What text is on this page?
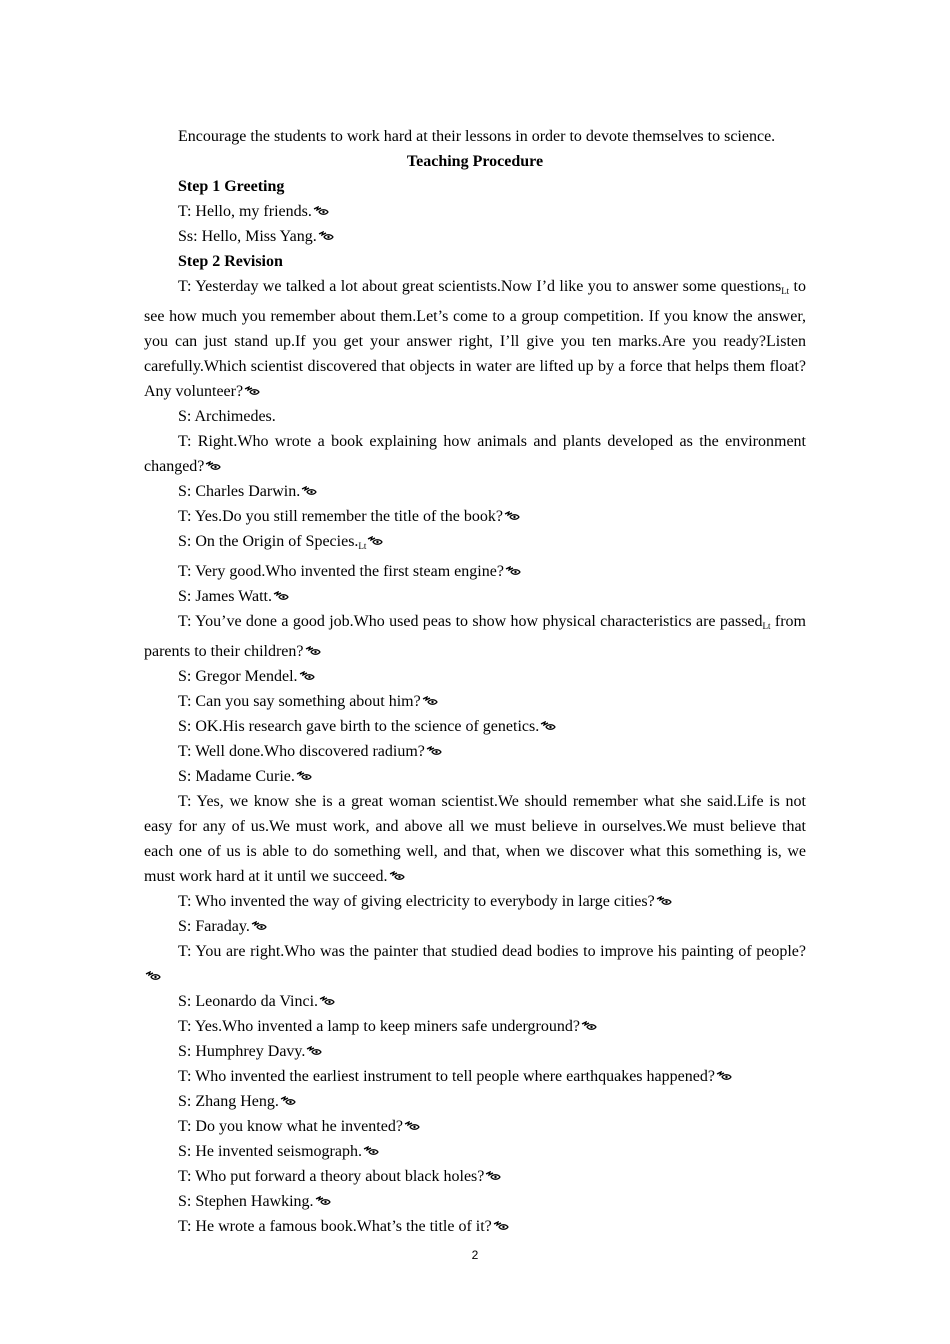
Encourage the students to work hard at their lessons in order to devote themselves to science.

Teaching Procedure

Step 1 Greeting

T: Hello, my friends.

Ss: Hello, Miss Yang.

Step 2 Revision

T: Yesterday we talked a lot about great scientists.Now I’d like you to answer some questionsLt to see how much you remember about them.Let’s come to a group competition. If you know the answer, you can just stand up.If you get your answer right, I’ll give you ten marks.Are you ready?Listen carefully.Which scientist discovered that objects in water are lifted up by a force that helps them float?Any volunteer?

S: Archimedes.

T: Right.Who wrote a book explaining how animals and plants developed as the environment changed?

S: Charles Darwin.

T: Yes.Do you still remember the title of the book?

S: On the Origin of Species.Lt

T: Very good.Who invented the first steam engine?

S: James Watt.

T: You’ve done a good job.Who used peas to show how physical characteristics are passedLt from parents to their children?

S: Gregor Mendel.

T: Can you say something about him?

S: OK.His research gave birth to the science of genetics.

T: Well done.Who discovered radium?

S: Madame Curie.

T: Yes, we know she is a great woman scientist.We should remember what she said.Life is not easy for any of us.We must work, and above all we must believe in ourselves.We must believe that each one of us is able to do something well, and that, when we discover what this something is, we must work hard at it until we succeed.

T: Who invented the way of giving electricity to everybody in large cities?

S: Faraday.

T: You are right.Who was the painter that studied dead bodies to improve his painting of people?

S: Leonardo da Vinci.

T: Yes.Who invented a lamp to keep miners safe underground?

S: Humphrey Davy.

T: Who invented the earliest instrument to tell people where earthquakes happened?

S: Zhang Heng.

T: Do you know what he invented?

S: He invented seismograph.

T: Who put forward a theory about black holes?

S: Stephen Hawking.

T: He wrote a famous book.What’s the title of it?

2
